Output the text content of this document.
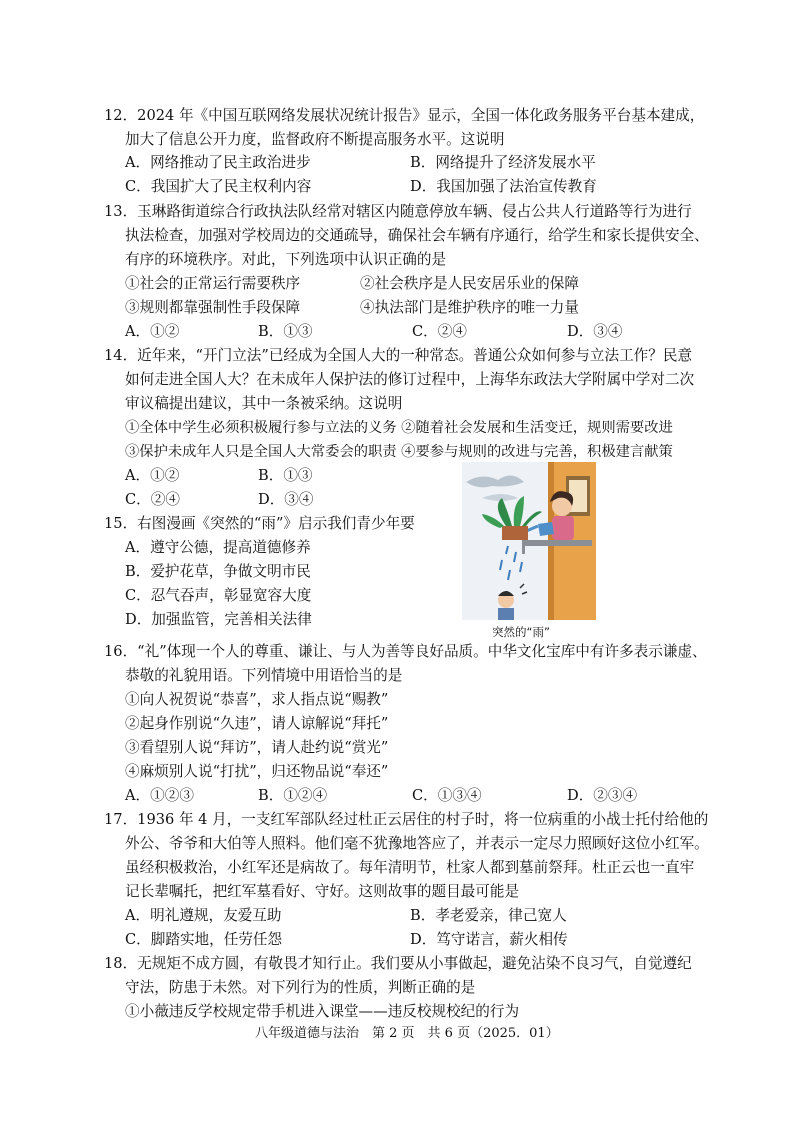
12．2024 年《中国互联网络发展状况统计报告》显示，全国一体化政务服务平台基本建成，
加大了信息公开力度，监督政府不断提高服务水平。这说明
A．网络推动了民主政治进步	B．网络提升了经济发展水平
C．我国扩大了民主权利内容	D．我国加强了法治宣传教育
13．玉琳路街道综合行政执法队经常对辖区内随意停放车辆、侵占公共人行道路等行为进行
执法检查，加强对学校周边的交通疏导，确保社会车辆有序通行，给学生和家长提供安全、
有序的环境秩序。对此，下列选项中认识正确的是
①社会的正常运行需要秩序	②社会秩序是人民安居乐业的保障
③规则都靠强制性手段保障	④执法部门是维护秩序的唯一力量
A．①②	B．①③	C．②④	D．③④
14．近年来，“开门立法”已经成为全国人大的一种常态。普通公众如何参与立法工作？民意
如何走进全国人大？在未成年人保护法的修订过程中，上海华东政法大学附属中学对二次
审议稿提出建议，其中一条被采纳。这说明
①全体中学生必须积极履行参与立法的义务 ②随着社会发展和生活变迁，规则需要改进
③保护未成年人只是全国人大常委会的职责 ④要参与规则的改进与完善，积极建言献策
A．①②	B．①③
C．②④	D．③④
15．右图漫画《突然的“雨”》启示我们青少年要
A．遵守公德，提高道德修养
B．爱护花草，争做文明市民
C．忍气吞声，彰显宽容大度
D．加强监管，完善相关法律
突然的“雨”
16．“礼”体现一个人的尊重、谦让、与人为善等良好品质。中华文化宝库中有许多表示谦虚、
恭敬的礼貌用语。下列情境中用语恰当的是
①向人祝贺说“恭喜”，求人指点说“赐教”
②起身作别说“久违”，请人谅解说“拜托”
③看望别人说“拜访”，请人赴约说“赏光”
④麻烦别人说“打扰”，归还物品说“奉还”
A．①②③	B．①②④	C．①③④	D．②③④
17．1936 年 4 月，一支红军部队经过杜正云居住的村子时，将一位病重的小战士托付给他的
外公、爷爷和大伯等人照料。他们毫不犹豫地答应了，并表示一定尽力照顾好这位小红军。
虽经积极救治，小红军还是病故了。每年清明节，杜家人都到墓前祭拜。杜正云也一直牢
记长辈嘱托，把红军墓看好、守好。这则故事的题目最可能是
A．明礼遵规，友爱互助	B．孝老爱亲，律己宽人
C．脚踏实地，任劳任怨	D．笃守诺言，薪火相传
18．无规矩不成方圆，有敬畏才知行止。我们要从小事做起，避免沾染不良习气，自觉遵纪
守法，防患于未然。对下列行为的性质，判断正确的是
①小薇违反学校规定带手机进入课堂——违反校规校纪的行为
八年级道德与法治　第 2 页　共 6 页（2025．01）
